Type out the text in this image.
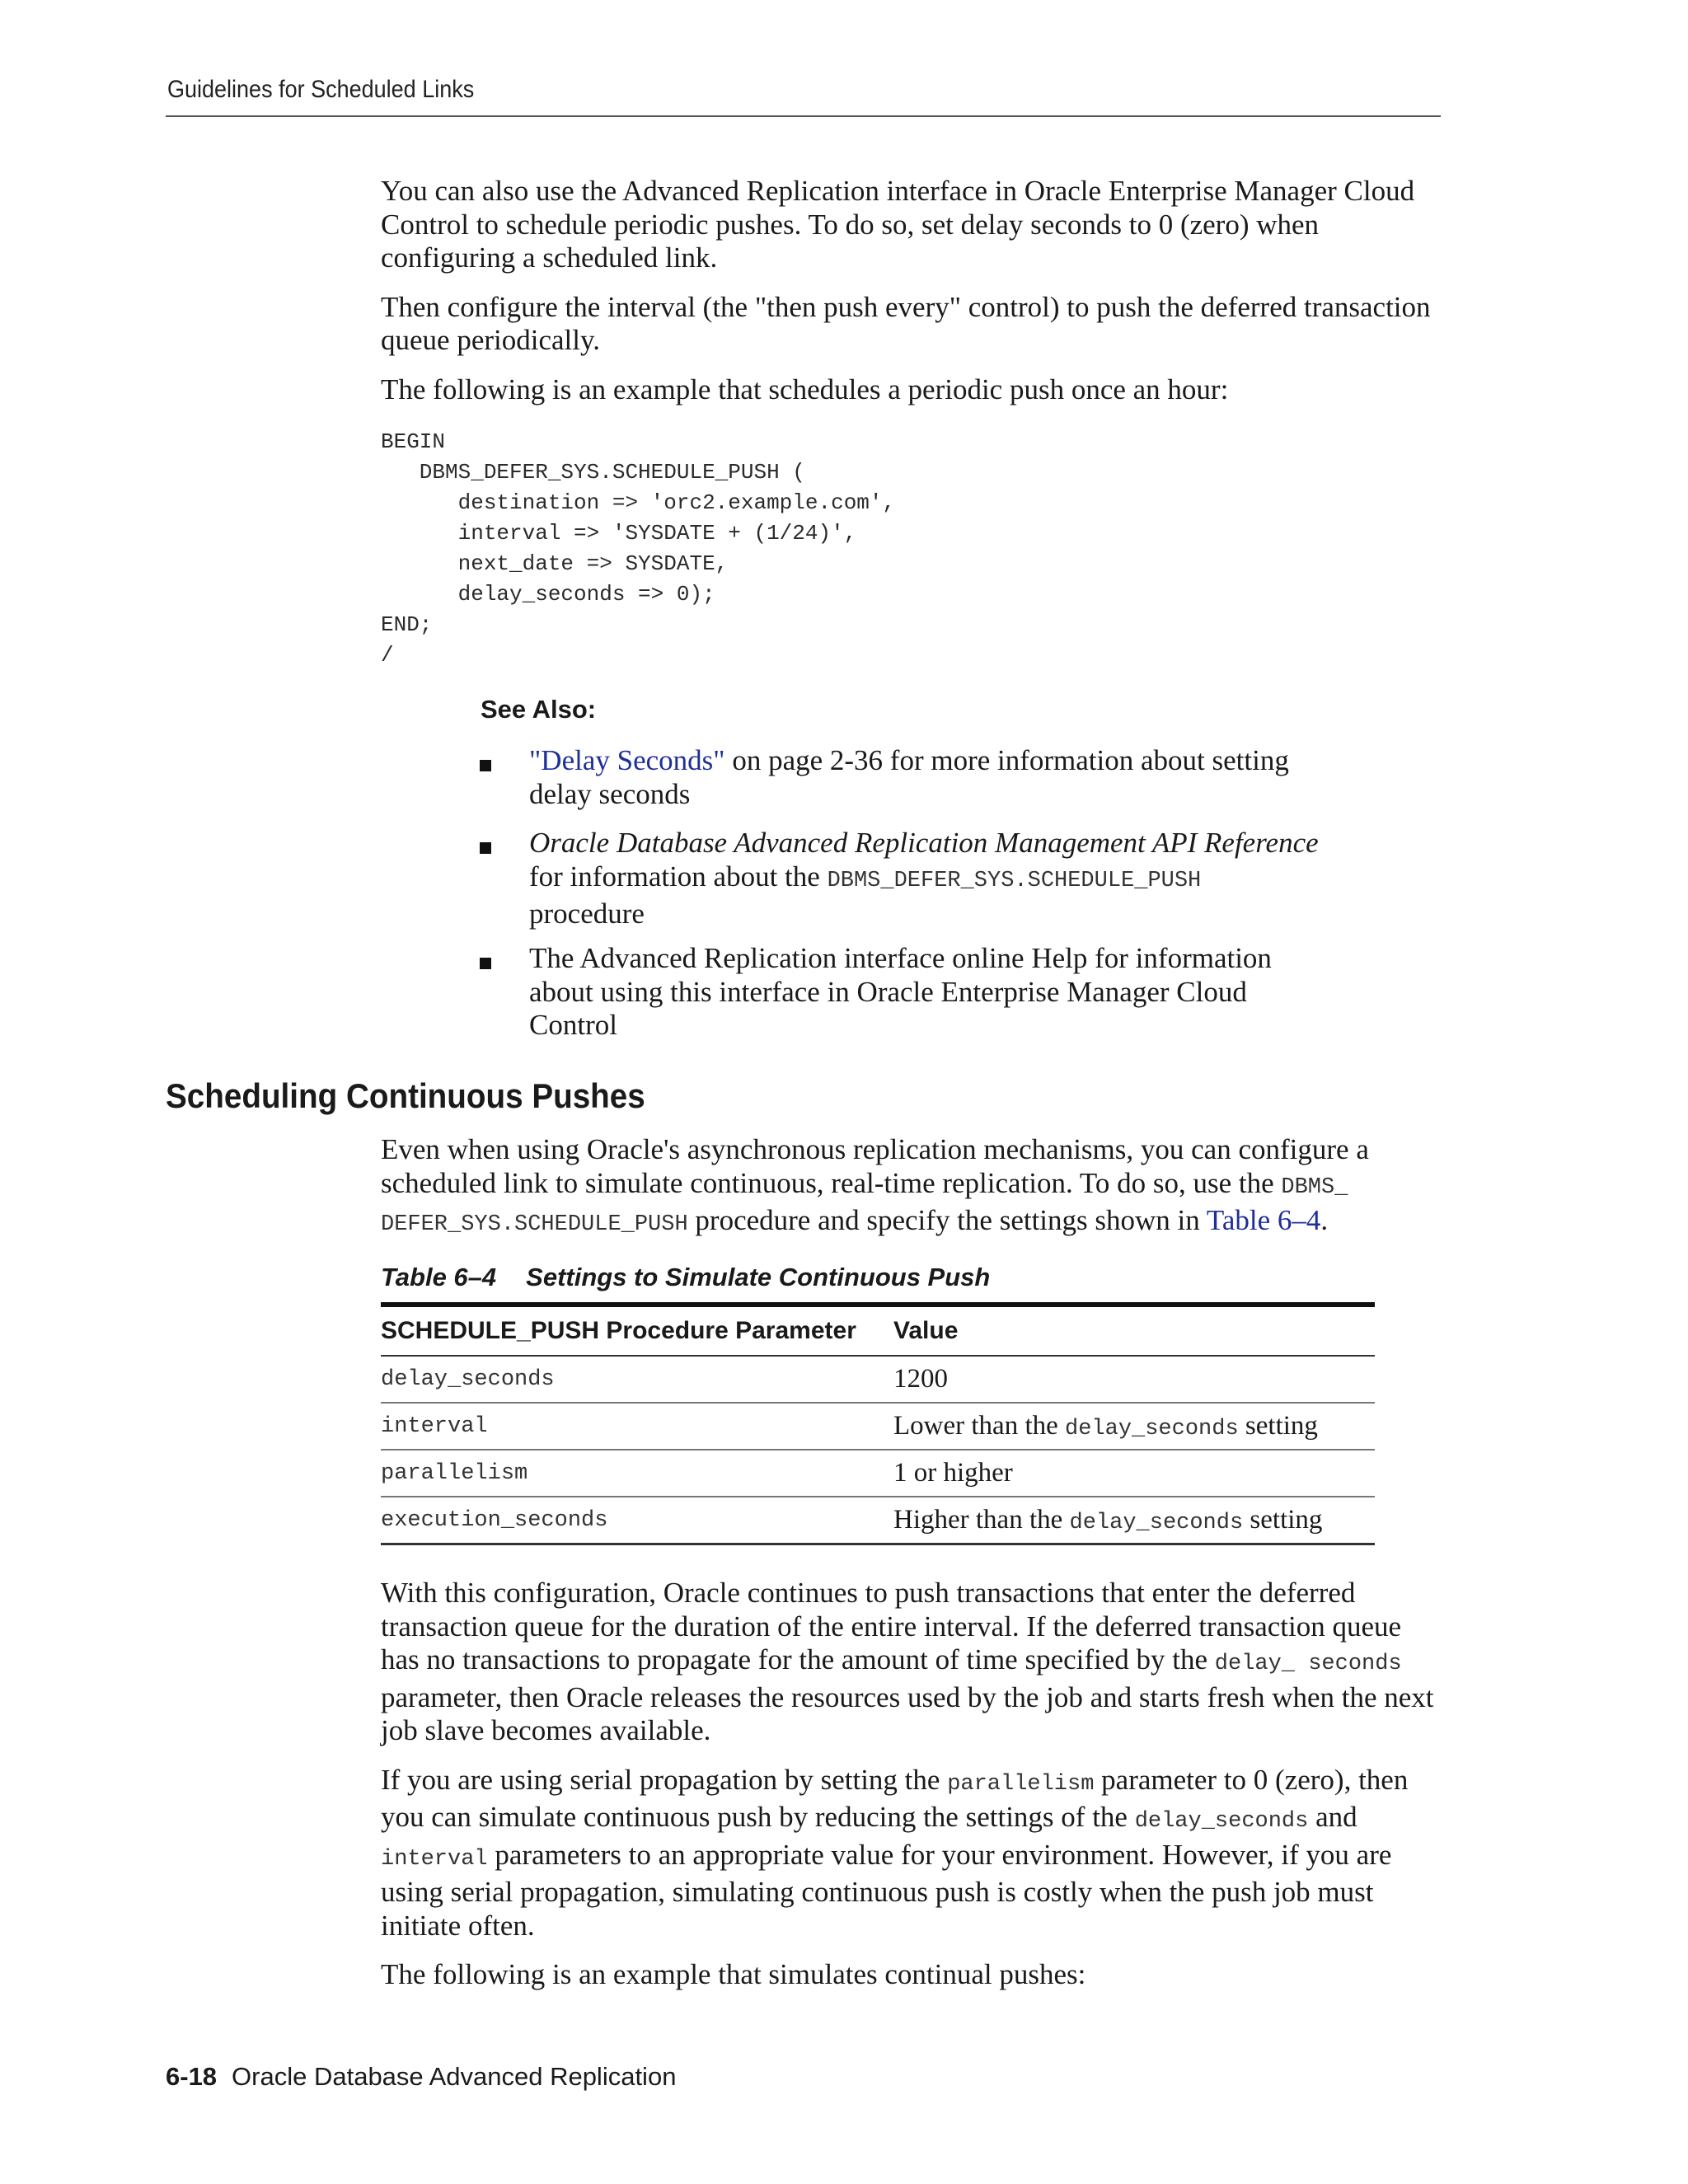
Guidelines for Scheduled Links

You can also use the Advanced Replication interface in Oracle Enterprise Manager Cloud Control to schedule periodic pushes. To do so, set delay seconds to 0 (zero) when configuring a scheduled link.

Then configure the interval (the "then push every" control) to push the deferred transaction queue periodically.

The following is an example that schedules a periodic push once an hour:

BEGIN
DBMS_DEFER_SYS.SCHEDULE_PUSH (
destination => 'orc2.example.com',
interval => 'SYSDATE + (1/24)',
next_date => SYSDATE,
delay_seconds => 0);
END;
/
See Also:
"Delay Seconds" on page 2-36 for more information about setting delay seconds
Oracle Database Advanced Replication Management API Reference for information about the DBMS_DEFER_SYS.SCHEDULE_PUSH procedure
The Advanced Replication interface online Help for information about using this interface in Oracle Enterprise Manager Cloud Control
Scheduling Continuous Pushes

Even when using Oracle's asynchronous replication mechanisms, you can configure a scheduled link to simulate continuous, real-time replication. To do so, use the DBMS_ DEFER_SYS.SCHEDULE_PUSH procedure and specify the settings shown in Table 6–4.

Table 6–4 Settings to Simulate Continuous Push
SCHEDULE_PUSH Procedure Parameter	Value
delay_seconds	1200
interval	Lower than the delay_seconds setting
parallelism	1 or higher
execution_seconds	Higher than the delay_seconds setting

With this configuration, Oracle continues to push transactions that enter the deferred transaction queue for the duration of the entire interval. If the deferred transaction queue has no transactions to propagate for the amount of time specified by the delay_ seconds parameter, then Oracle releases the resources used by the job and starts fresh when the next job slave becomes available.

If you are using serial propagation by setting the parallelism parameter to 0 (zero), then you can simulate continuous push by reducing the settings of the delay_seconds and interval parameters to an appropriate value for your environment. However, if you are using serial propagation, simulating continuous push is costly when the push job must initiate often.

The following is an example that simulates continual pushes:

6-18 Oracle Database Advanced Replication
